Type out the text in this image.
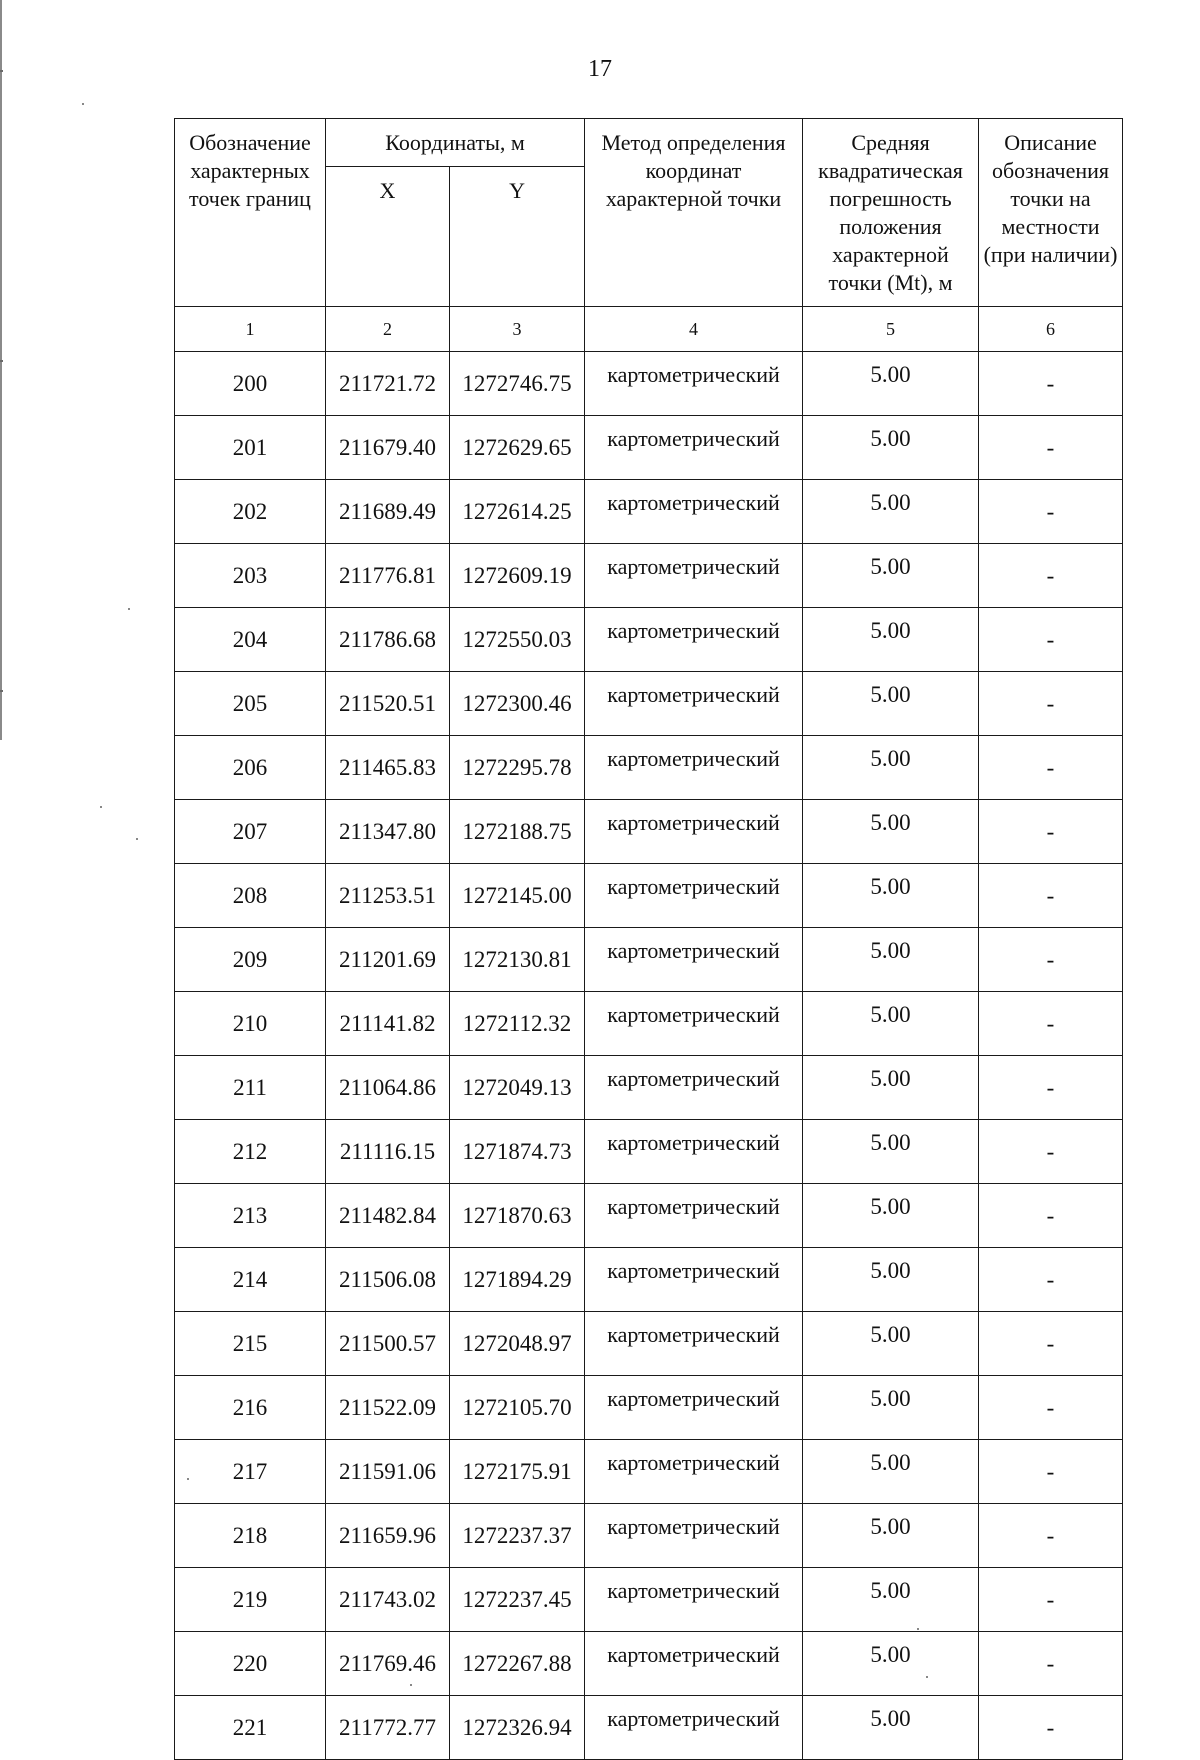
17
Обозначение характерных точек границ	Координаты, м		Метод определения координат характерной точки	Средняя квадратическая погрешность положения характерной точки (Mt), м	Описание обозначения точки на местности (при наличии)
	X	Y			
1	2	3	4	5	6
200	211721.72	1272746.75	картометрический	5.00	-
201	211679.40	1272629.65	картометрический	5.00	-
202	211689.49	1272614.25	картометрический	5.00	-
203	211776.81	1272609.19	картометрический	5.00	-
204	211786.68	1272550.03	картометрический	5.00	-
205	211520.51	1272300.46	картометрический	5.00	-
206	211465.83	1272295.78	картометрический	5.00	-
207	211347.80	1272188.75	картометрический	5.00	-
208	211253.51	1272145.00	картометрический	5.00	-
209	211201.69	1272130.81	картометрический	5.00	-
210	211141.82	1272112.32	картометрический	5.00	-
211	211064.86	1272049.13	картометрический	5.00	-
212	211116.15	1271874.73	картометрический	5.00	-
213	211482.84	1271870.63	картометрический	5.00	-
214	211506.08	1271894.29	картометрический	5.00	-
215	211500.57	1272048.97	картометрический	5.00	-
216	211522.09	1272105.70	картометрический	5.00	-
217	211591.06	1272175.91	картометрический	5.00	-
218	211659.96	1272237.37	картометрический	5.00	-
219	211743.02	1272237.45	картометрический	5.00	-
220	211769.46	1272267.88	картометрический	5.00	-
221	211772.77	1272326.94	картометрический	5.00	-
